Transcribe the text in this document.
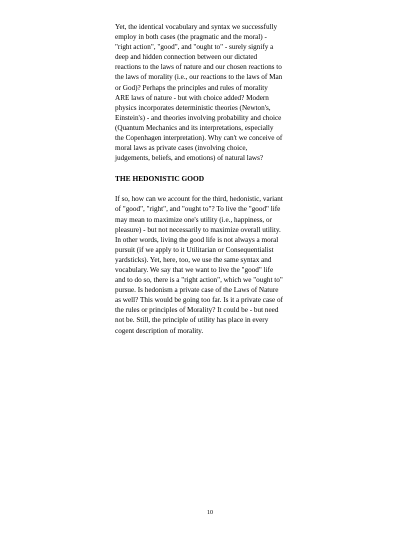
Yet, the identical vocabulary and syntax we successfully
employ in both cases (the pragmatic and the moral) -
"right action", "good", and "ought to" - surely signify a
deep and hidden connection between our dictated
reactions to the laws of nature and our chosen reactions to
the laws of morality (i.e., our reactions to the laws of Man
or God)? Perhaps the principles and rules of morality
ARE laws of nature - but with choice added? Modern
physics incorporates deterministic theories (Newton's,
Einstein's) - and theories involving probability and choice
(Quantum Mechanics and its interpretations, especially
the Copenhagen interpretation). Why can't we conceive of
moral laws as private cases (involving choice,
judgements, beliefs, and emotions) of natural laws?

THE HEDONISTIC GOOD

If so, how can we account for the third, hedonistic, variant
of "good", "right", and "ought to"? To live the "good" life
may mean to maximize one's utility (i.e., happiness, or
pleasure) - but not necessarily to maximize overall utility.
In other words, living the good life is not always a moral
pursuit (if we apply to it Utilitarian or Consequentialist
yardsticks). Yet, here, too, we use the same syntax and
vocabulary. We say that we want to live the "good" life
and to do so, there is a "right action", which we "ought to"
pursue. Is hedonism a private case of the Laws of Nature
as well? This would be going too far. Is it a private case of
the rules or principles of Morality? It could be - but need
not be. Still, the principle of utility has place in every
cogent description of morality.

10
